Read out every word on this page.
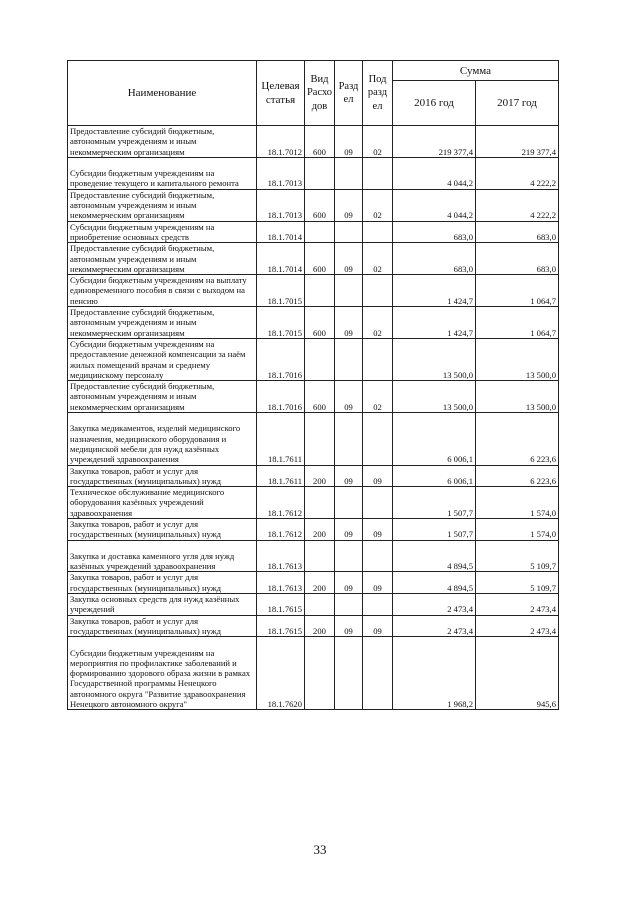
Наименование	Целевая статья	Вид Расхо дов	Разд ел	Под разд ел	Сумма	
					2016 год	2017 год
Предоставление субсидий бюджетным, автономным учреждениям и иным некоммерческим организациям	18.1.7012	600	09	02	219 377,4	219 377,4
Субсидии бюджетным учреждениям на проведение текущего и капитального ремонта	18.1.7013				4 044,2	4 222,2
Предоставление субсидий бюджетным, автономным учреждениям и иным некоммерческим организациям	18.1.7013	600	09	02	4 044,2	4 222,2
Субсидии бюджетным учреждениям на приобретение основных средств	18.1.7014				683,0	683,0
Предоставление субсидий бюджетным, автономным учреждениям и иным некоммерческим организациям	18.1.7014	600	09	02	683,0	683,0
Субсидии бюджетным учреждениям на выплату единовременного пособия в связи с выходом на пенсию	18.1.7015				1 424,7	1 064,7
Предоставление субсидий бюджетным, автономным учреждениям и иным некоммерческим организациям	18.1.7015	600	09	02	1 424,7	1 064,7
Субсидии бюджетным учреждениям на предоставление денежной компенсации за наём жилых помещений врачам и среднему медицинскому персоналу	18.1.7016				13 500,0	13 500,0
Предоставление субсидий бюджетным, автономным учреждениям и иным некоммерческим организациям	18.1.7016	600	09	02	13 500,0	13 500,0
Закупка медикаментов, изделий медицинского назначения, медицинского оборудования и медицинской мебели для нужд казённых учреждений здравоохранения	18.1.7611				6 006,1	6 223,6
Закупка товаров, работ и услуг для государственных (муниципальных) нужд	18.1.7611	200	09	09	6 006,1	6 223,6
Техническое обслуживание медицинского оборудования казённых учреждений здравоохранения	18.1.7612				1 507,7	1 574,0
Закупка товаров, работ и услуг для государственных (муниципальных) нужд	18.1.7612	200	09	09	1 507,7	1 574,0
Закупка и доставка каменного угля для нужд казённых учреждений здравоохранения	18.1.7613				4 894,5	5 109,7
Закупка товаров, работ и услуг для государственных (муниципальных) нужд	18.1.7613	200	09	09	4 894,5	5 109,7
Закупка основных средств для нужд казённых учреждений	18.1.7615				2 473,4	2 473,4
Закупка товаров, работ и услуг для государственных (муниципальных) нужд	18.1.7615	200	09	09	2 473,4	2 473,4
Субсидии бюджетным учреждениям на мероприятия по профилактике заболеваний и формированию здорового образа жизни в рамках Государственной программы Ненецкого автономного округа "Развитие здравоохранения Ненецкого автономного округа"	18.1.7620				1 968,2	945,6
33
